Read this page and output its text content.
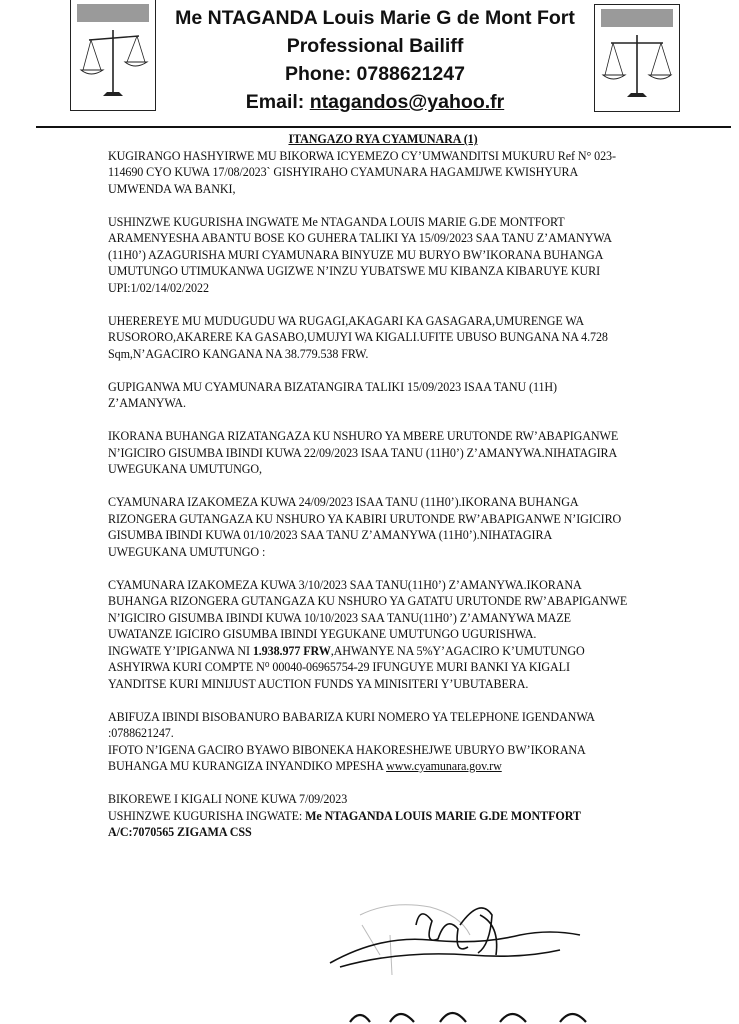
Me NTAGANDA Louis Marie G de Mont Fort
Professional Bailiff
Phone: 0788621247
Email: ntagandos@yahoo.fr
ITANGAZO RYA CYAMUNARA (1)

KUGIRANGO HASHYIRWE MU BIKORWA ICYEMEZO CY’UMWANDITSI MUKURU Ref N° 023-114690 CYO KUWA 17/08/2023` GISHYIRAHO CYAMUNARA HAGAMIJWE KWISHYURA UMWENDA WA BANKI,

USHINZWE KUGURISHA INGWATE Me NTAGANDA LOUIS MARIE G.DE MONTFORT ARAMENYESHA ABANTU BOSE KO GUHERA TALIKI YA 15/09/2023 SAA TANU Z’AMANYWA (11H0’) AZAGURISHA MURI CYAMUNARA BINYUZE MU BURYO BW’IKORANA BUHANGA UMUTUNGO UTIMUKANWA UGIZWE N’INZU YUBATSWE MU KIBANZA KIBARUYE KURI UPI:1/02/14/02/2022

UHEREREYE MU MUDUGUDU WA RUGAGI,AKAGARI KA GASAGARA,UMURENGE WA RUSORORO,AKARERE KA GASABO,UMUJYI WA KIGALI.UFITE UBUSO BUNGANA NA 4.728 Sqm,N’AGACIRO KANGANA NA 38.779.538 FRW.

GUPIGANWA MU CYAMUNARA BIZATANGIRA TALIKI 15/09/2023 ISAA TANU (11H) Z’AMANYWA.

IKORANA BUHANGA RIZATANGAZA KU NSHURO YA MBERE URUTONDE RW’ABAPIGANWE N’IGICIRO GISUMBA IBINDI KUWA 22/09/2023 ISAA TANU (11H0’) Z’AMANYWA.NIHATAGIRA UWEGUKANA UMUTUNGO,

CYAMUNARA IZAKOMEZA KUWA 24/09/2023 ISAA TANU (11H0’).IKORANA BUHANGA RIZONGERA GUTANGAZA KU NSHURO YA KABIRI URUTONDE RW’ABAPIGANWE N’IGICIRO GISUMBA IBINDI KUWA 01/10/2023 SAA TANU Z’AMANYWA (11H0’).NIHATAGIRA UWEGUKANA UMUTUNGO :

CYAMUNARA IZAKOMEZA KUWA 3/10/2023 SAA TANU(11H0’) Z’AMANYWA.IKORANA BUHANGA RIZONGERA GUTANGAZA KU NSHURO YA GATATU URUTONDE RW’ABAPIGANWE N’IGICIRO GISUMBA IBINDI KUWA 10/10/2023 SAA TANU(11H0’) Z’AMANYWA MAZE UWATANZE IGICIRO GISUMBA IBINDI YEGUKANE UMUTUNGO UGURISHWA.

INGWATE Y’IPIGANWA NI 1.938.977 FRW,AHWANYE NA 5%Y’AGACIRO K’UMUTUNGO ASHYIRWA KURI COMPTE N⁰ 00040-06965754-29 IFUNGUYE MURI BANKI YA KIGALI YANDITSE KURI MINIJUST AUCTION FUNDS YA MINISITERI Y’UBUTABERA.

ABIFUZA IBINDI BISOBANURO BABARIZA KURI NOMERO YA TELEPHONE IGENDANWA :0788621247.

IFOTO N’IGENA GACIRO BYAWO BIBONEKA HAKORESHEJWE UBURYO BW’IKORANA BUHANGA MU KURANGIZA INYANDIKO MPESHA www.cyamunara.gov.rw

BIKOREWE I KIGALI NONE KUWA 7/09/2023

USHINZWE KUGURISHA INGWATE: Me NTAGANDA LOUIS MARIE G.DE MONTFORT

A/C:7070565 ZIGAMA CSS
